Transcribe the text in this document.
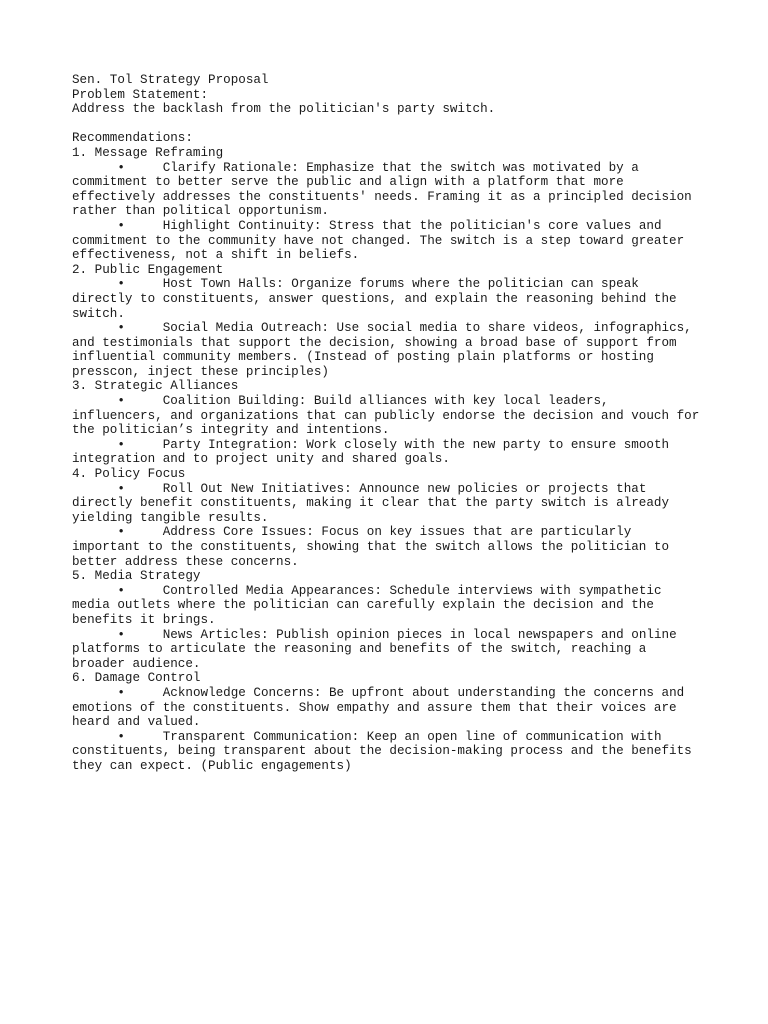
Sen. Tol Strategy Proposal
Problem Statement:
Address the backlash from the politician's party switch.
Recommendations:
1. Message Reframing
•	Clarify Rationale: Emphasize that the switch was motivated by a
commitment to better serve the public and align with a platform that more
effectively addresses the constituents' needs. Framing it as a principled decision
rather than political opportunism.
•	Highlight Continuity: Stress that the politician's core values and
commitment to the community have not changed. The switch is a step toward greater
effectiveness, not a shift in beliefs.
2. Public Engagement
•	Host Town Halls: Organize forums where the politician can speak
directly to constituents, answer questions, and explain the reasoning behind the
switch.
•	Social Media Outreach: Use social media to share videos, infographics,
and testimonials that support the decision, showing a broad base of support from
influential community members. (Instead of posting plain platforms or hosting
presscon, inject these principles)
3. Strategic Alliances
•	Coalition Building: Build alliances with key local leaders,
influencers, and organizations that can publicly endorse the decision and vouch for
the politician’s integrity and intentions.
•	Party Integration: Work closely with the new party to ensure smooth
integration and to project unity and shared goals.
4. Policy Focus
•	Roll Out New Initiatives: Announce new policies or projects that
directly benefit constituents, making it clear that the party switch is already
yielding tangible results.
•	Address Core Issues: Focus on key issues that are particularly
important to the constituents, showing that the switch allows the politician to
better address these concerns.
5. Media Strategy
•	Controlled Media Appearances: Schedule interviews with sympathetic
media outlets where the politician can carefully explain the decision and the
benefits it brings.
•	News Articles: Publish opinion pieces in local newspapers and online
platforms to articulate the reasoning and benefits of the switch, reaching a
broader audience.
6. Damage Control
•	Acknowledge Concerns: Be upfront about understanding the concerns and
emotions of the constituents. Show empathy and assure them that their voices are
heard and valued.
•	Transparent Communication: Keep an open line of communication with
constituents, being transparent about the decision-making process and the benefits
they can expect. (Public engagements)
